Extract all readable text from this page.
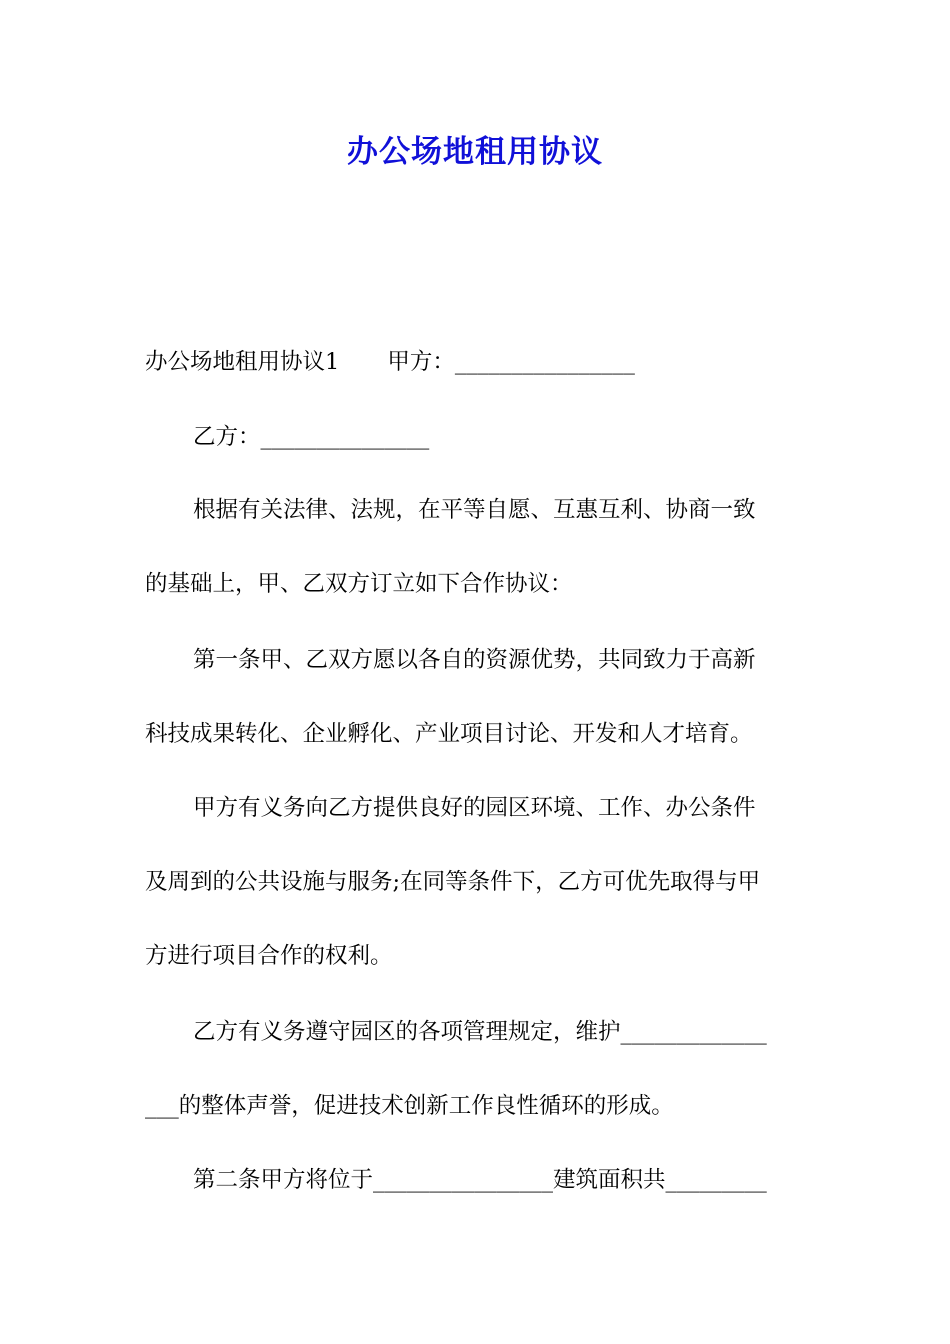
办公场地租用协议
办公场地租用协议1 甲方：________________
乙方：_______________
根据有关法律、法规，在平等自愿、互惠互利、协商一致
的基础上，甲、乙双方订立如下合作协议：
第一条甲、乙双方愿以各自的资源优势，共同致力于高新
科技成果转化、企业孵化、产业项目讨论、开发和人才培育。
甲方有义务向乙方提供良好的园区环境、工作、办公条件
及周到的公共设施与服务;在同等条件下，乙方可优先取得与甲
方进行项目合作的权利。
乙方有义务遵守园区的各项管理规定，维护_____________
___的整体声誉，促进技术创新工作良性循环的形成。
第二条甲方将位于________________建筑面积共_________
